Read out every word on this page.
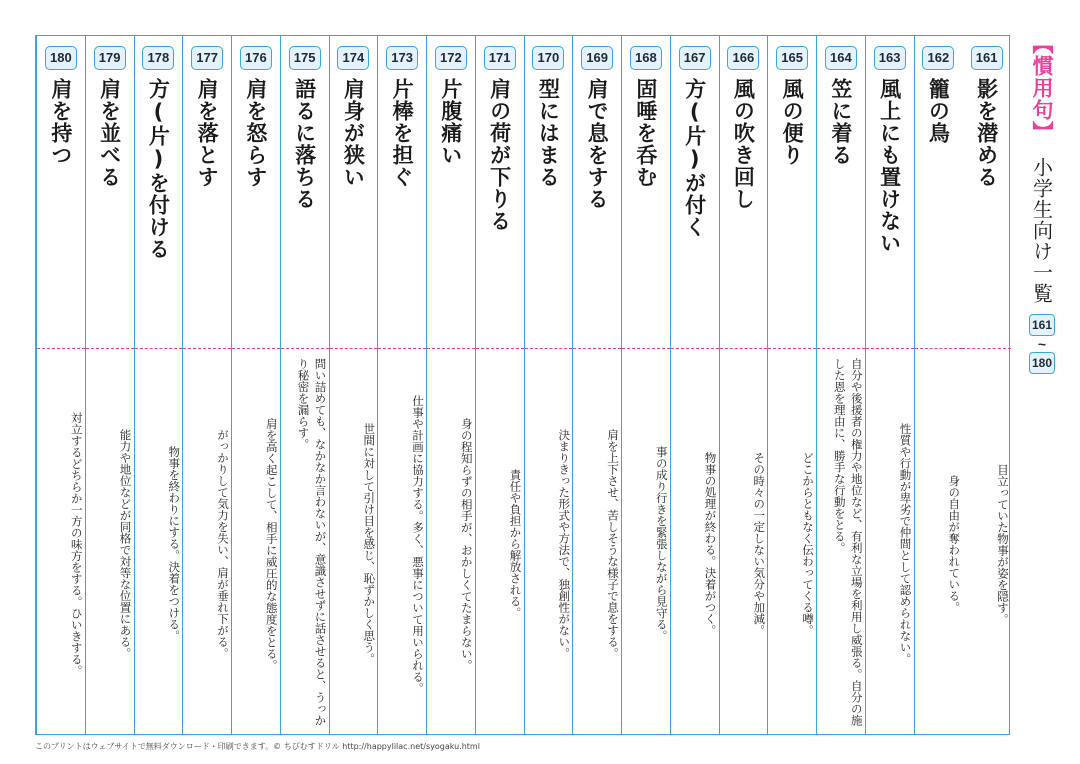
161
影を潜める
目立っていた物事が姿を隠す。
162
籠の鳥
身の自由が奪われている。
163
風上にも置けない
性質や行動が卑劣で仲間として認められない。
164
笠に着る
自分や後援者の権力や地位など、有利な立場を利用し威張る。自分の施した恩を理由に、勝手な行動をとる。
165
風の便り
どこからともなく伝わってくる噂。
166
風の吹き回し
その時々の一定しない気分や加減。
167
方(片)が付く
物事の処理が終わる。決着がつく。
168
固唾を呑む
事の成り行きを緊張しながら見守る。
169
肩で息をする
肩を上下させ、苦しそうな様子で息をする。
170
型にはまる
決まりきった形式や方法で、独創性がない。
171
肩の荷が下りる
責任や負担から解放される。
172
片腹痛い
身の程知らずの相手が、おかしくてたまらない。
173
片棒を担ぐ
仕事や計画に協力する。多く、悪事について用いられる。
174
肩身が狭い
世間に対して引け目を感じ、恥ずかしく思う。
175
語るに落ちる
問い詰めても、なかなか言わないが、意識させずに話させると、うっかり秘密を漏らす。
176
肩を怒らす
肩を高く起こして、相手に威圧的な態度をとる。
177
肩を落とす
がっかりして気力を失い、肩が垂れ下がる。
178
方(片)を付ける
物事を終わりにする。決着をつける。
179
肩を並べる
能力や地位などが同格で対等な位置にある。
180
肩を持つ
対立するどちらか一方の味方をする。ひいきする。
【慣用句】
小学生向け一覧
161
~
180
このプリントはウェブサイトで無料ダウンロード・印刷できます。© ちびむすドリル http://happylilac.net/syogaku.html
